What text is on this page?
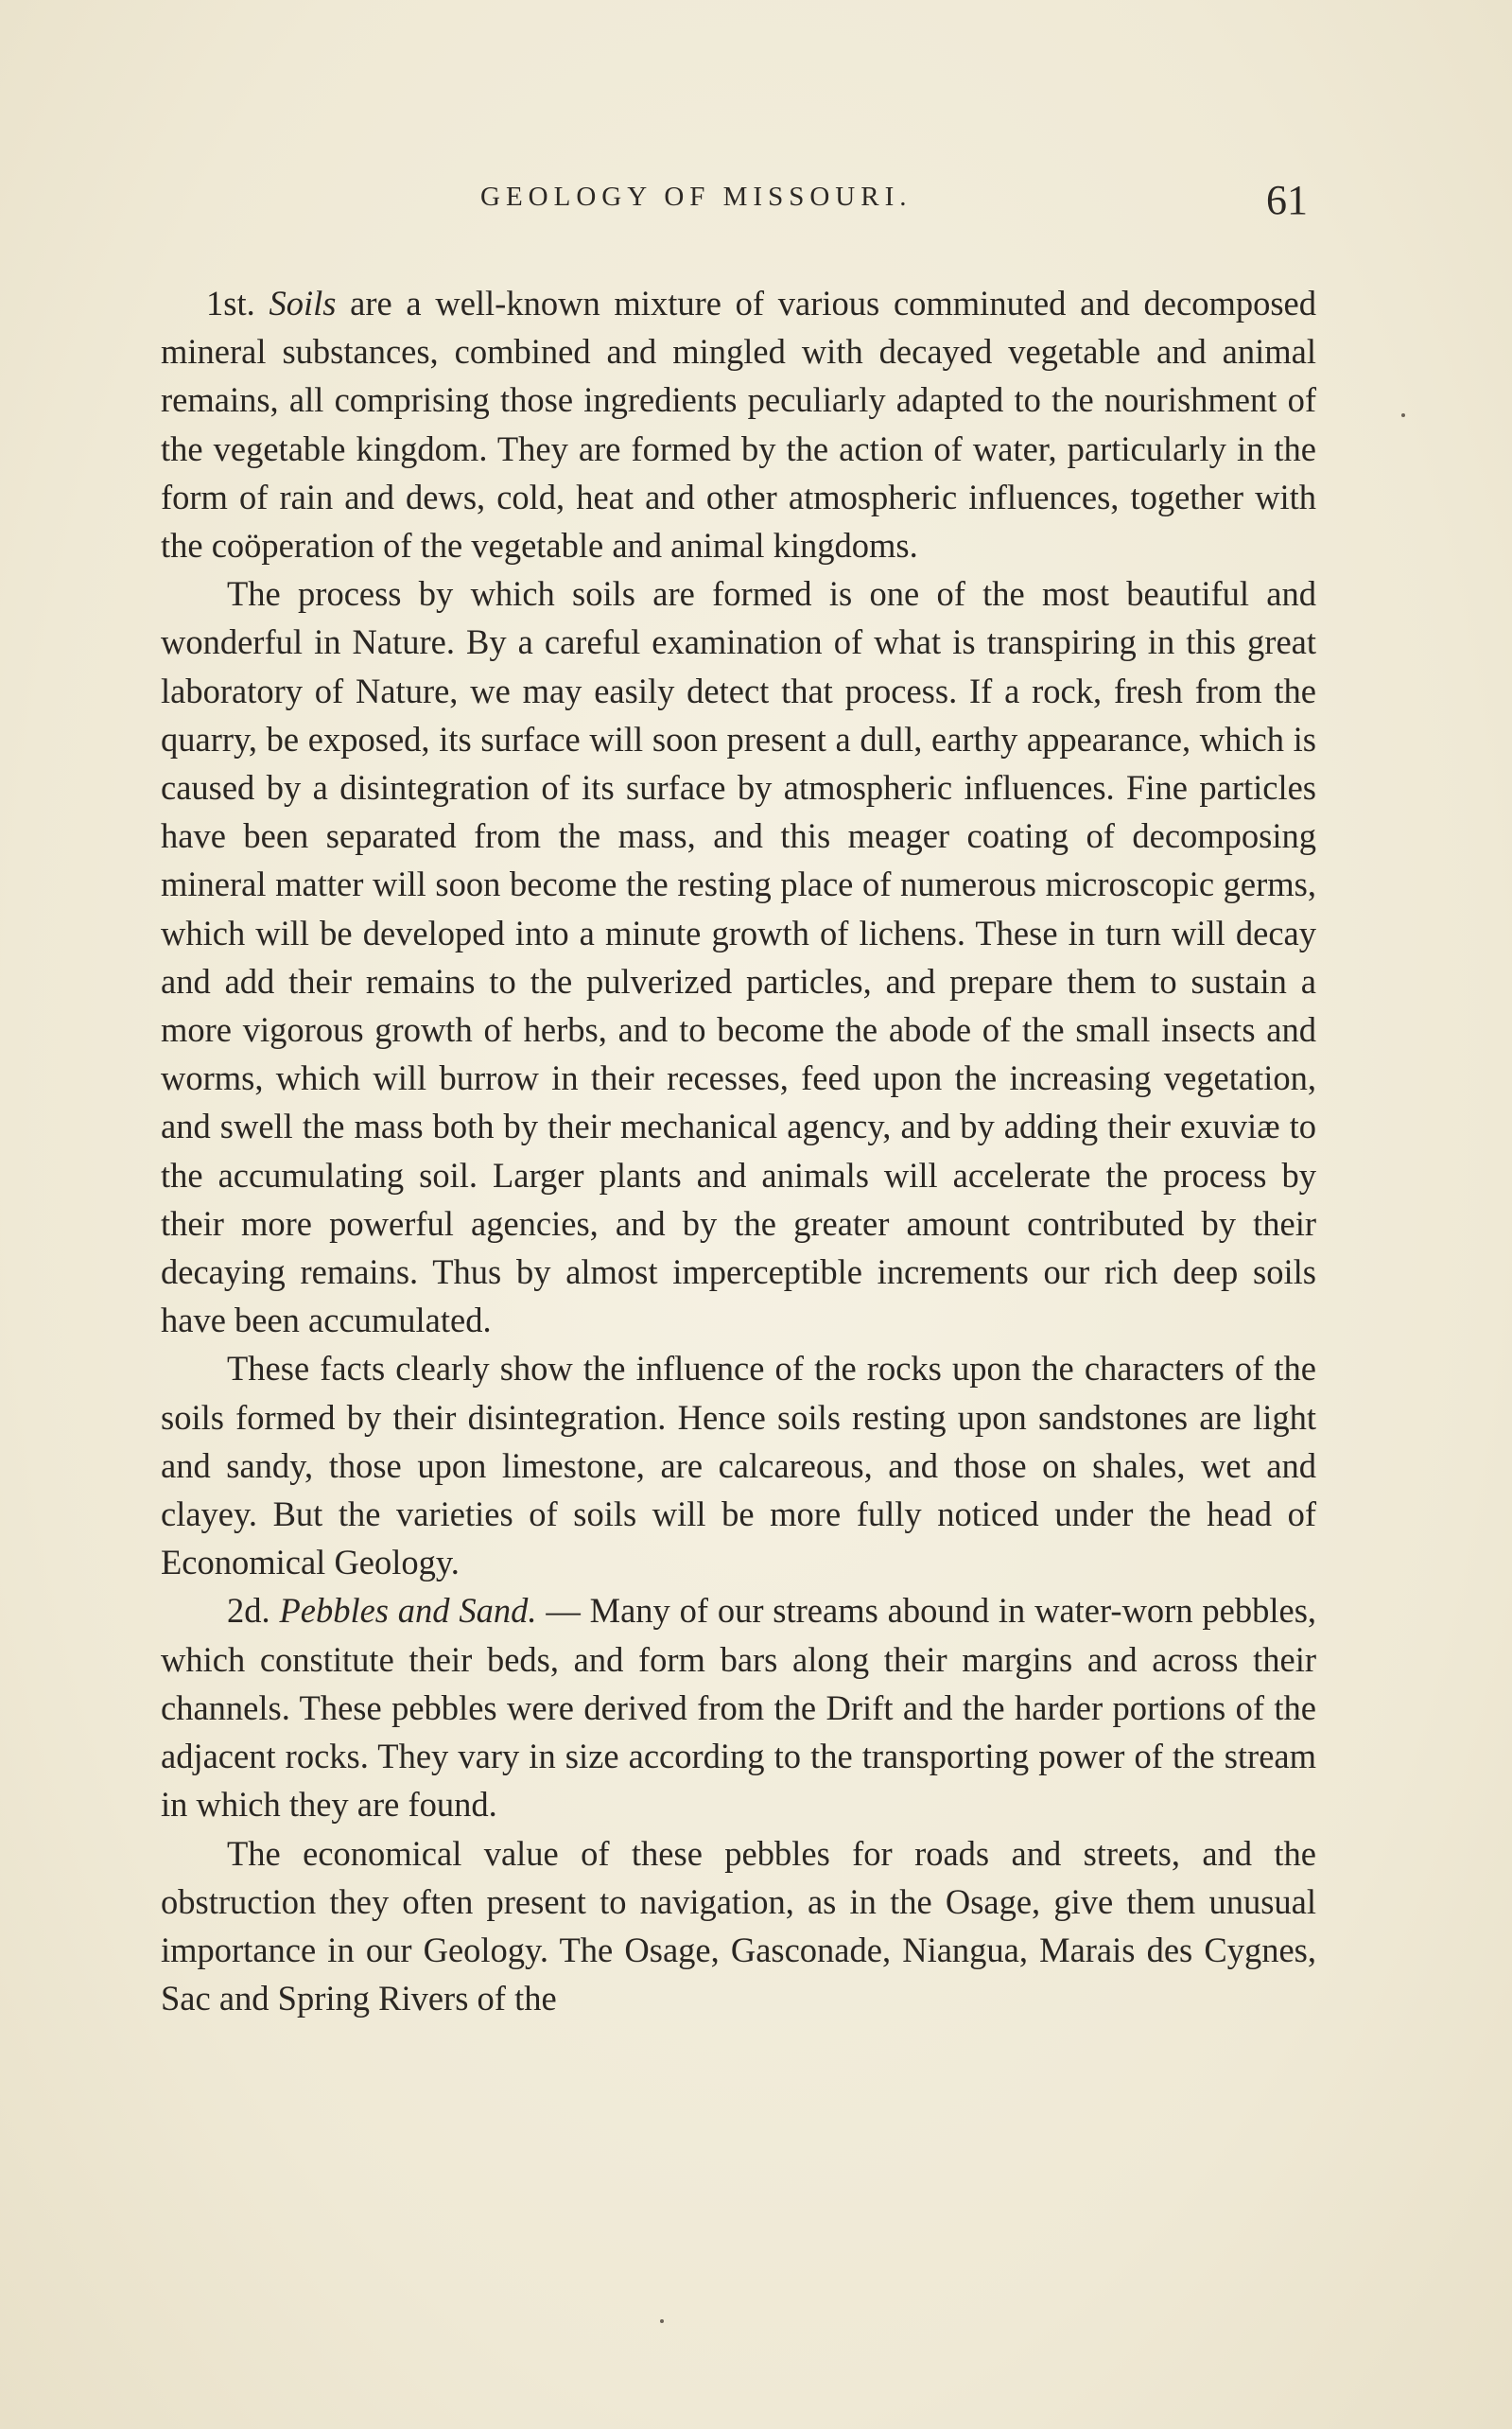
GEOLOGY OF MISSOURI.	61

1st. Soils are a well-known mixture of various comminuted and decomposed mineral substances, combined and mingled with decayed vegetable and animal remains, all comprising those ingredients peculiarly adapted to the nourishment of the vegetable kingdom. They are formed by the action of water, particularly in the form of rain and dews, cold, heat and other atmospheric influences, together with the coöperation of the vegetable and animal kingdoms.

The process by which soils are formed is one of the most beautiful and wonderful in Nature. By a careful examination of what is transpiring in this great laboratory of Nature, we may easily detect that process. If a rock, fresh from the quarry, be exposed, its surface will soon present a dull, earthy appearance, which is caused by a disintegration of its surface by atmospheric influences. Fine particles have been separated from the mass, and this meager coating of decomposing mineral matter will soon become the resting place of numerous microscopic germs, which will be developed into a minute growth of lichens. These in turn will decay and add their remains to the pulverized particles, and prepare them to sustain a more vigorous growth of herbs, and to become the abode of the small insects and worms, which will burrow in their recesses, feed upon the increasing vegetation, and swell the mass both by their mechanical agency, and by adding their exuviæ to the accumulating soil. Larger plants and animals will accelerate the process by their more powerful agencies, and by the greater amount contributed by their decaying remains. Thus by almost imperceptible increments our rich deep soils have been accumulated.

These facts clearly show the influence of the rocks upon the characters of the soils formed by their disintegration. Hence soils resting upon sandstones are light and sandy, those upon limestone, are calcareous, and those on shales, wet and clayey. But the varieties of soils will be more fully noticed under the head of Economical Geology.

2d. Pebbles and Sand. — Many of our streams abound in water-worn pebbles, which constitute their beds, and form bars along their margins and across their channels. These pebbles were derived from the Drift and the harder portions of the adjacent rocks. They vary in size according to the transporting power of the stream in which they are found.

The economical value of these pebbles for roads and streets, and the obstruction they often present to navigation, as in the Osage, give them unusual importance in our Geology. The Osage, Gasconade, Niangua, Marais des Cygnes, Sac and Spring Rivers of the
